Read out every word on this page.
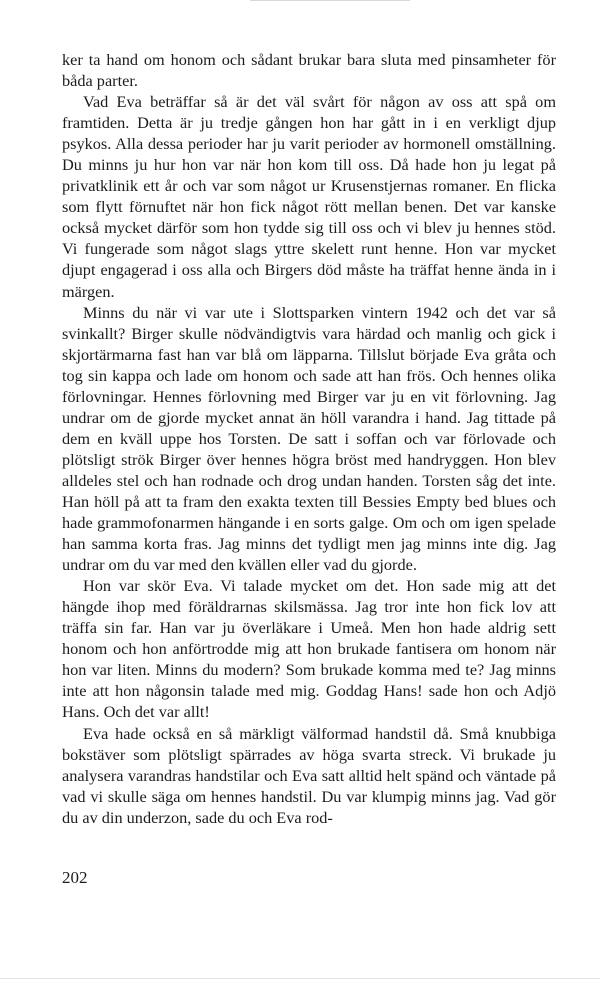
ker ta hand om honom och sådant brukar bara sluta med pinsamheter för båda parter.

Vad Eva beträffar så är det väl svårt för någon av oss att spå om framtiden. Detta är ju tredje gången hon har gått in i en verkligt djup psykos. Alla dessa perioder har ju varit perioder av hormonell omställning. Du minns ju hur hon var när hon kom till oss. Då hade hon ju legat på privatklinik ett år och var som något ur Krusenstjernas romaner. En flicka som flytt förnuftet när hon fick något rött mellan benen. Det var kanske också mycket därför som hon tydde sig till oss och vi blev ju hennes stöd. Vi fungerade som något slags yttre skelett runt henne. Hon var mycket djupt engagerad i oss alla och Birgers död måste ha träffat henne ända in i märgen.

Minns du när vi var ute i Slottsparken vintern 1942 och det var så svinkallt? Birger skulle nödvändigtvis vara härdad och manlig och gick i skjortärmarna fast han var blå om läpparna. Tillslut började Eva gråta och tog sin kappa och lade om honom och sade att han frös. Och hennes olika förlovningar. Hennes förlovning med Birger var ju en vit förlovning. Jag undrar om de gjorde mycket annat än höll varandra i hand. Jag tittade på dem en kväll uppe hos Torsten. De satt i soffan och var förlovade och plötsligt strök Birger över hennes högra bröst med handryggen. Hon blev alldeles stel och han rodnade och drog undan handen. Torsten såg det inte. Han höll på att ta fram den exakta texten till Bessies Empty bed blues och hade grammofonarmen hängande i en sorts galge. Om och om igen spelade han samma korta fras. Jag minns det tydligt men jag minns inte dig. Jag undrar om du var med den kvällen eller vad du gjorde.

Hon var skör Eva. Vi talade mycket om det. Hon sade mig att det hängde ihop med föräldrarnas skilsmässa. Jag tror inte hon fick lov att träffa sin far. Han var ju överläkare i Umeå. Men hon hade aldrig sett honom och hon anförtrodde mig att hon brukade fantisera om honom när hon var liten. Minns du modern? Som brukade komma med te? Jag minns inte att hon någonsin talade med mig. Goddag Hans! sade hon och Adjö Hans. Och det var allt!

Eva hade också en så märkligt välformad handstil då. Små knubbiga bokstäver som plötsligt spärrades av höga svarta streck. Vi brukade ju analysera varandras handstilar och Eva satt alltid helt spänd och väntade på vad vi skulle säga om hennes handstil. Du var klumpig minns jag. Vad gör du av din underzon, sade du och Eva rod-

202
